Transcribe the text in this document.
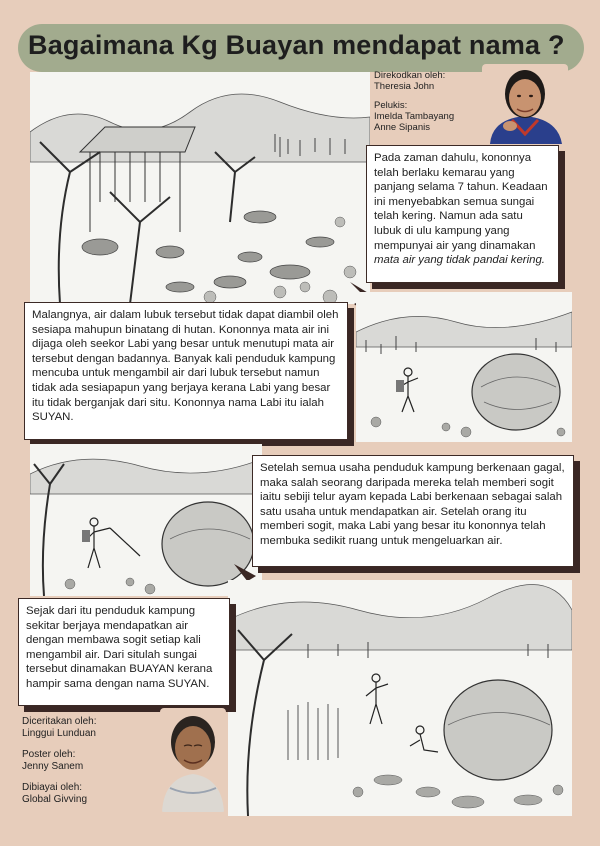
Bagaimana Kg Buayan mendapat nama ?
Direkodkan oleh:
Theresia John
Pelukis:
Imelda Tambayang
Anne Sipanis

Pada zaman dahulu, kononnya telah berlaku kemarau yang panjang selama 7 tahun. Keadaan ini menyebabkan semua sungai telah kering. Namun ada satu lubuk di ulu kampung yang mempunyai air yang dinamakan mata air yang tidak pandai kering.

Malangnya, air dalam lubuk tersebut tidak dapat diambil oleh sesiapa mahupun binatang di hutan. Kononnya mata air ini dijaga oleh seekor Labi yang besar untuk menutupi mata air tersebut dengan badannya. Banyak kali penduduk kampung mencuba untuk mengambil air dari lubuk tersebut namun tidak ada sesiapapun yang berjaya kerana Labi yang besar itu tidak berganjak dari situ. Kononnya nama Labi itu ialah SUYAN.

Setelah semua usaha penduduk kampung berkenaan gagal, maka salah seorang daripada mereka telah memberi sogit iaitu sebiji telur ayam kepada Labi berkenaan sebagai salah satu usaha untuk mendapatkan air. Setelah orang itu memberi sogit, maka Labi yang besar itu kononnya telah membuka sedikit ruang untuk mengeluarkan air.

Sejak dari itu penduduk kampung sekitar berjaya mendapatkan air dengan membawa sogit setiap kali mengambil air. Dari situlah sungai tersebut dinamakan BUAYAN kerana hampir sama dengan nama SUYAN.

Diceritakan oleh:
Linggui Lunduan
Poster oleh:
Jenny Sanem
Dibiayai oleh:
Global Givving
